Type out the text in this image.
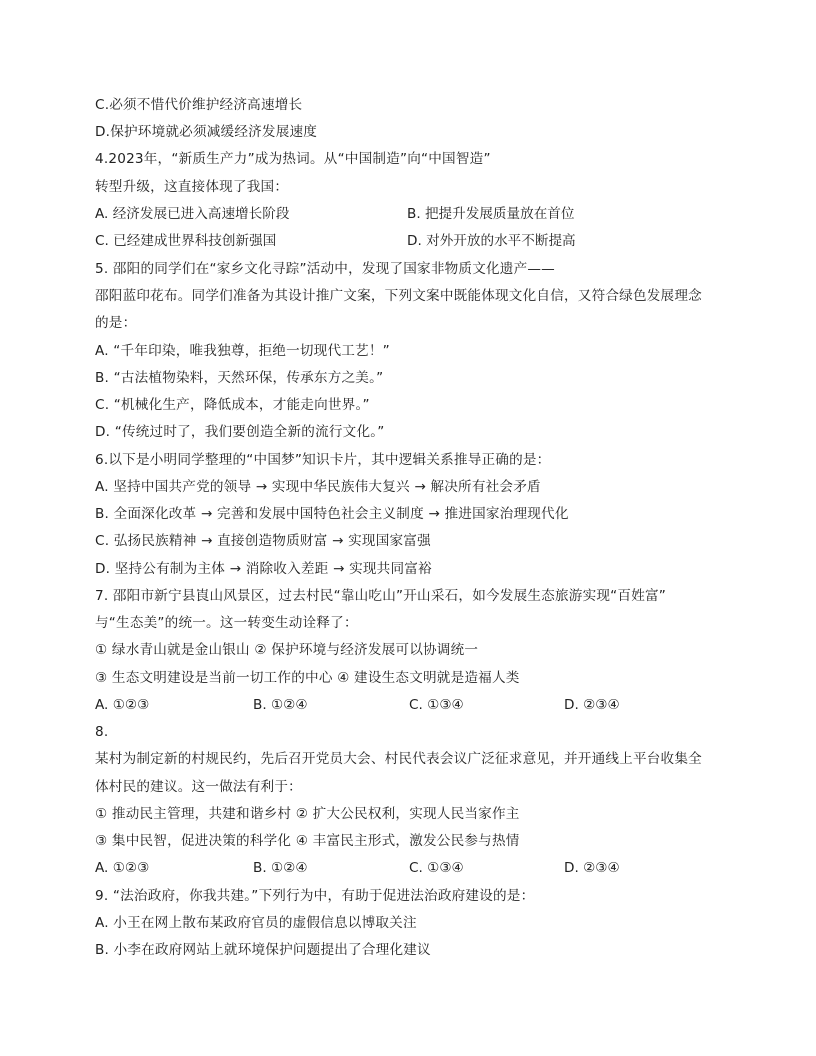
C.必须不惜代价维护经济高速增长
D.保护环境就必须减缓经济发展速度
4.2023年，“新质生产力”成为热词。从“中国制造”向“中国智造”
转型升级，这直接体现了我国：
A. 经济发展已进入高速增长阶段	B. 把提升发展质量放在首位
C. 已经建成世界科技创新强国	D. 对外开放的水平不断提高
5. 邵阳的同学们在“家乡文化寻踪”活动中，发现了国家非物质文化遗产——
邵阳蓝印花布。同学们准备为其设计推广文案，下列文案中既能体现文化自信，又符合绿色发展理念
的是：
A. “千年印染，唯我独尊，拒绝一切现代工艺！”
B. “古法植物染料，天然环保，传承东方之美。”
C. “机械化生产，降低成本，才能走向世界。”
D. “传统过时了，我们要创造全新的流行文化。”
6.以下是小明同学整理的“中国梦”知识卡片，其中逻辑关系推导正确的是：
A. 坚持中国共产党的领导 → 实现中华民族伟大复兴 → 解决所有社会矛盾
B. 全面深化改革 → 完善和发展中国特色社会主义制度 → 推进国家治理现代化
C. 弘扬民族精神 → 直接创造物质财富 → 实现国家富强
D. 坚持公有制为主体 → 消除收入差距 → 实现共同富裕
7. 邵阳市新宁县崀山风景区，过去村民“靠山吃山”开山采石，如今发展生态旅游实现“百姓富”
与“生态美”的统一。这一转变生动诠释了：
① 绿水青山就是金山银山 ② 保护环境与经济发展可以协调统一
③ 生态文明建设是当前一切工作的中心 ④ 建设生态文明就是造福人类
A. ①②③	B. ①②④	C. ①③④	D. ②③④
8.
某村为制定新的村规民约，先后召开党员大会、村民代表会议广泛征求意见，并开通线上平台收集全
体村民的建议。这一做法有利于：
① 推动民主管理，共建和谐乡村 ② 扩大公民权利，实现人民当家作主
③ 集中民智，促进决策的科学化 ④ 丰富民主形式，激发公民参与热情
A. ①②③	B. ①②④	C. ①③④	D. ②③④
9. “法治政府，你我共建。”下列行为中，有助于促进法治政府建设的是：
A. 小王在网上散布某政府官员的虚假信息以博取关注
B. 小李在政府网站上就环境保护问题提出了合理化建议
